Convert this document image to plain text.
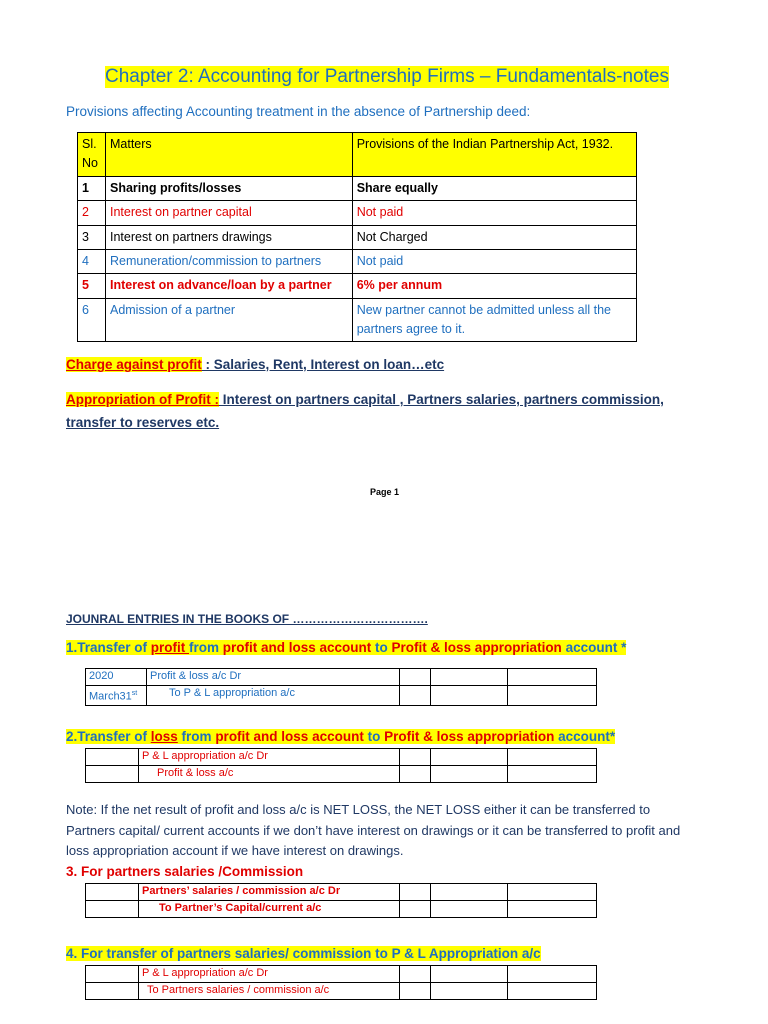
Chapter 2: Accounting for Partnership Firms – Fundamentals-notes
Provisions affecting Accounting treatment in the absence of Partnership deed:
Sl. No	Matters	Provisions of the Indian Partnership Act, 1932.
1	Sharing profits/losses	Share equally
2	Interest on partner capital	Not paid
3	Interest on partners drawings	Not Charged
4	Remuneration/commission to partners	Not paid
5	Interest on advance/loan by a partner	6% per annum
6	Admission of a partner	New partner cannot be admitted unless all the partners agree to it.
Charge against profit : Salaries, Rent, Interest on loan…etc
Appropriation of Profit : Interest on partners capital , Partners salaries, partners commission, transfer to reserves etc.
Page 1
JOUNRAL ENTRIES IN THE BOOKS OF …………………………….
1.Transfer of profit from profit and loss account to Profit & loss appropriation account *
2020	Profit & loss a/c Dr			
March31st	To P & L appropriation a/c			
2.Transfer of loss from profit and loss account to Profit & loss appropriation account*
	P & L appropriation a/c Dr			
	Profit & loss a/c			
Note: If the net result of profit and loss a/c is NET LOSS, the NET LOSS either it can be transferred to Partners capital/ current accounts if we don’t have interest on drawings or it can be transferred to profit and loss appropriation account if we have interest on drawings.
3. For partners salaries /Commission
	Partners’ salaries / commission a/c Dr			
	To Partner’s Capital/current a/c			
4. For transfer of partners salaries/ commission to P & L Appropriation a/c
	P & L appropriation a/c Dr			
	To Partners salaries / commission a/c			
